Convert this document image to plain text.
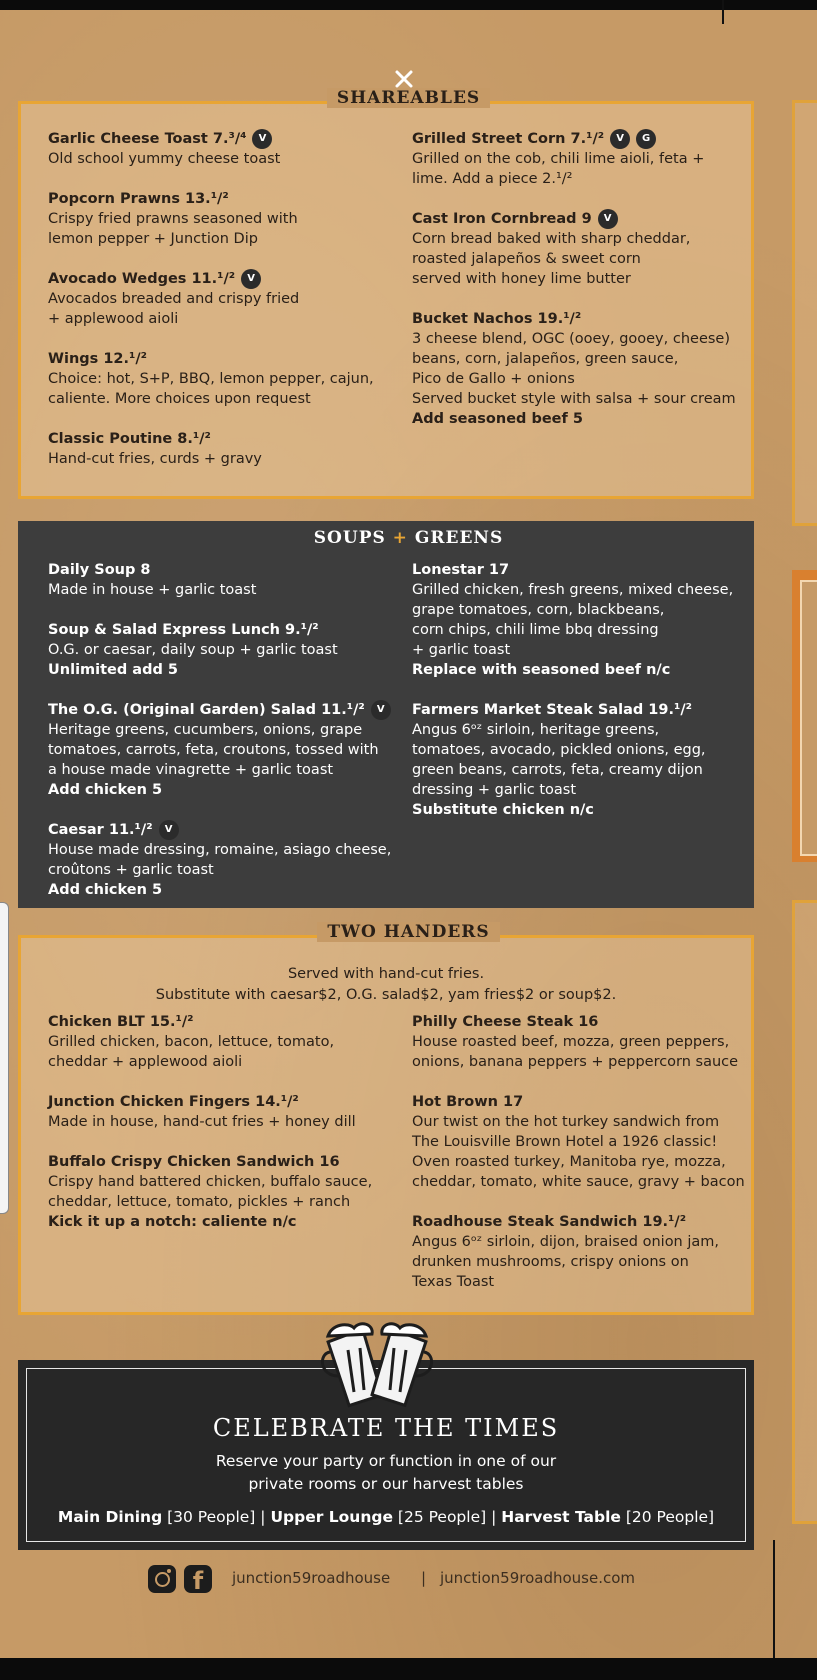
SHAREABLES
Garlic Cheese Toast 7.³/⁴ V
Old school yummy cheese toast
Popcorn Prawns 13.¹/²
Crispy fried prawns seasoned with
lemon pepper + Junction Dip
Avocado Wedges 11.¹/² V
Avocados breaded and crispy fried
+ applewood aioli
Wings 12.¹/²
Choice: hot, S+P, BBQ, lemon pepper, cajun,
caliente. More choices upon request
Classic Poutine 8.¹/²
Hand-cut fries, curds + gravy
Grilled Street Corn 7.¹/² V G
Grilled on the cob, chili lime aioli, feta +
lime. Add a piece 2.¹/²
Cast Iron Cornbread 9 V
Corn bread baked with sharp cheddar,
roasted jalapeños & sweet corn
served with honey lime butter
Bucket Nachos 19.¹/²
3 cheese blend, OGC (ooey, gooey, cheese)
beans, corn, jalapeños, green sauce,
Pico de Gallo + onions
Served bucket style with salsa + sour cream
Add seasoned beef 5
SOUPS + GREENS
Daily Soup 8
Made in house + garlic toast
Soup & Salad Express Lunch 9.¹/²
O.G. or caesar, daily soup + garlic toast
Unlimited add 5
The O.G. (Original Garden) Salad 11.¹/² V
Heritage greens, cucumbers, onions, grape
tomatoes, carrots, feta, croutons, tossed with
a house made vinagrette + garlic toast
Add chicken 5
Caesar 11.¹/² V
House made dressing, romaine, asiago cheese,
croûtons + garlic toast
Add chicken 5
Lonestar 17
Grilled chicken, fresh greens, mixed cheese,
grape tomatoes, corn, blackbeans,
corn chips, chili lime bbq dressing
+ garlic toast
Replace with seasoned beef n/c
Farmers Market Steak Salad 19.¹/²
Angus 6ᵒᶻ sirloin, heritage greens,
tomatoes, avocado, pickled onions, egg,
green beans, carrots, feta, creamy dijon
dressing + garlic toast
Substitute chicken n/c
TWO HANDERS
Served with hand-cut fries.
Substitute with caesar$2, O.G. salad$2, yam fries$2 or soup$2.
Chicken BLT 15.¹/²
Grilled chicken, bacon, lettuce, tomato,
cheddar + applewood aioli
Junction Chicken Fingers 14.¹/²
Made in house, hand-cut fries + honey dill
Buffalo Crispy Chicken Sandwich 16
Crispy hand battered chicken, buffalo sauce,
cheddar, lettuce, tomato, pickles + ranch
Kick it up a notch: caliente n/c
Philly Cheese Steak 16
House roasted beef, mozza, green peppers,
onions, banana peppers + peppercorn sauce
Hot Brown 17
Our twist on the hot turkey sandwich from
The Louisville Brown Hotel a 1926 classic!
Oven roasted turkey, Manitoba rye, mozza,
cheddar, tomato, white sauce, gravy + bacon
Roadhouse Steak Sandwich 19.¹/²
Angus 6ᵒᶻ sirloin, dijon, braised onion jam,
drunken mushrooms, crispy onions on
Texas Toast
CELEBRATE THE TIMES
Reserve your party or function in one of our
private rooms or our harvest tables
Main Dining [30 People] | Upper Lounge [25 People] | Harvest Table [20 People]
f	junction59roadhouse | junction59roadhouse.com
